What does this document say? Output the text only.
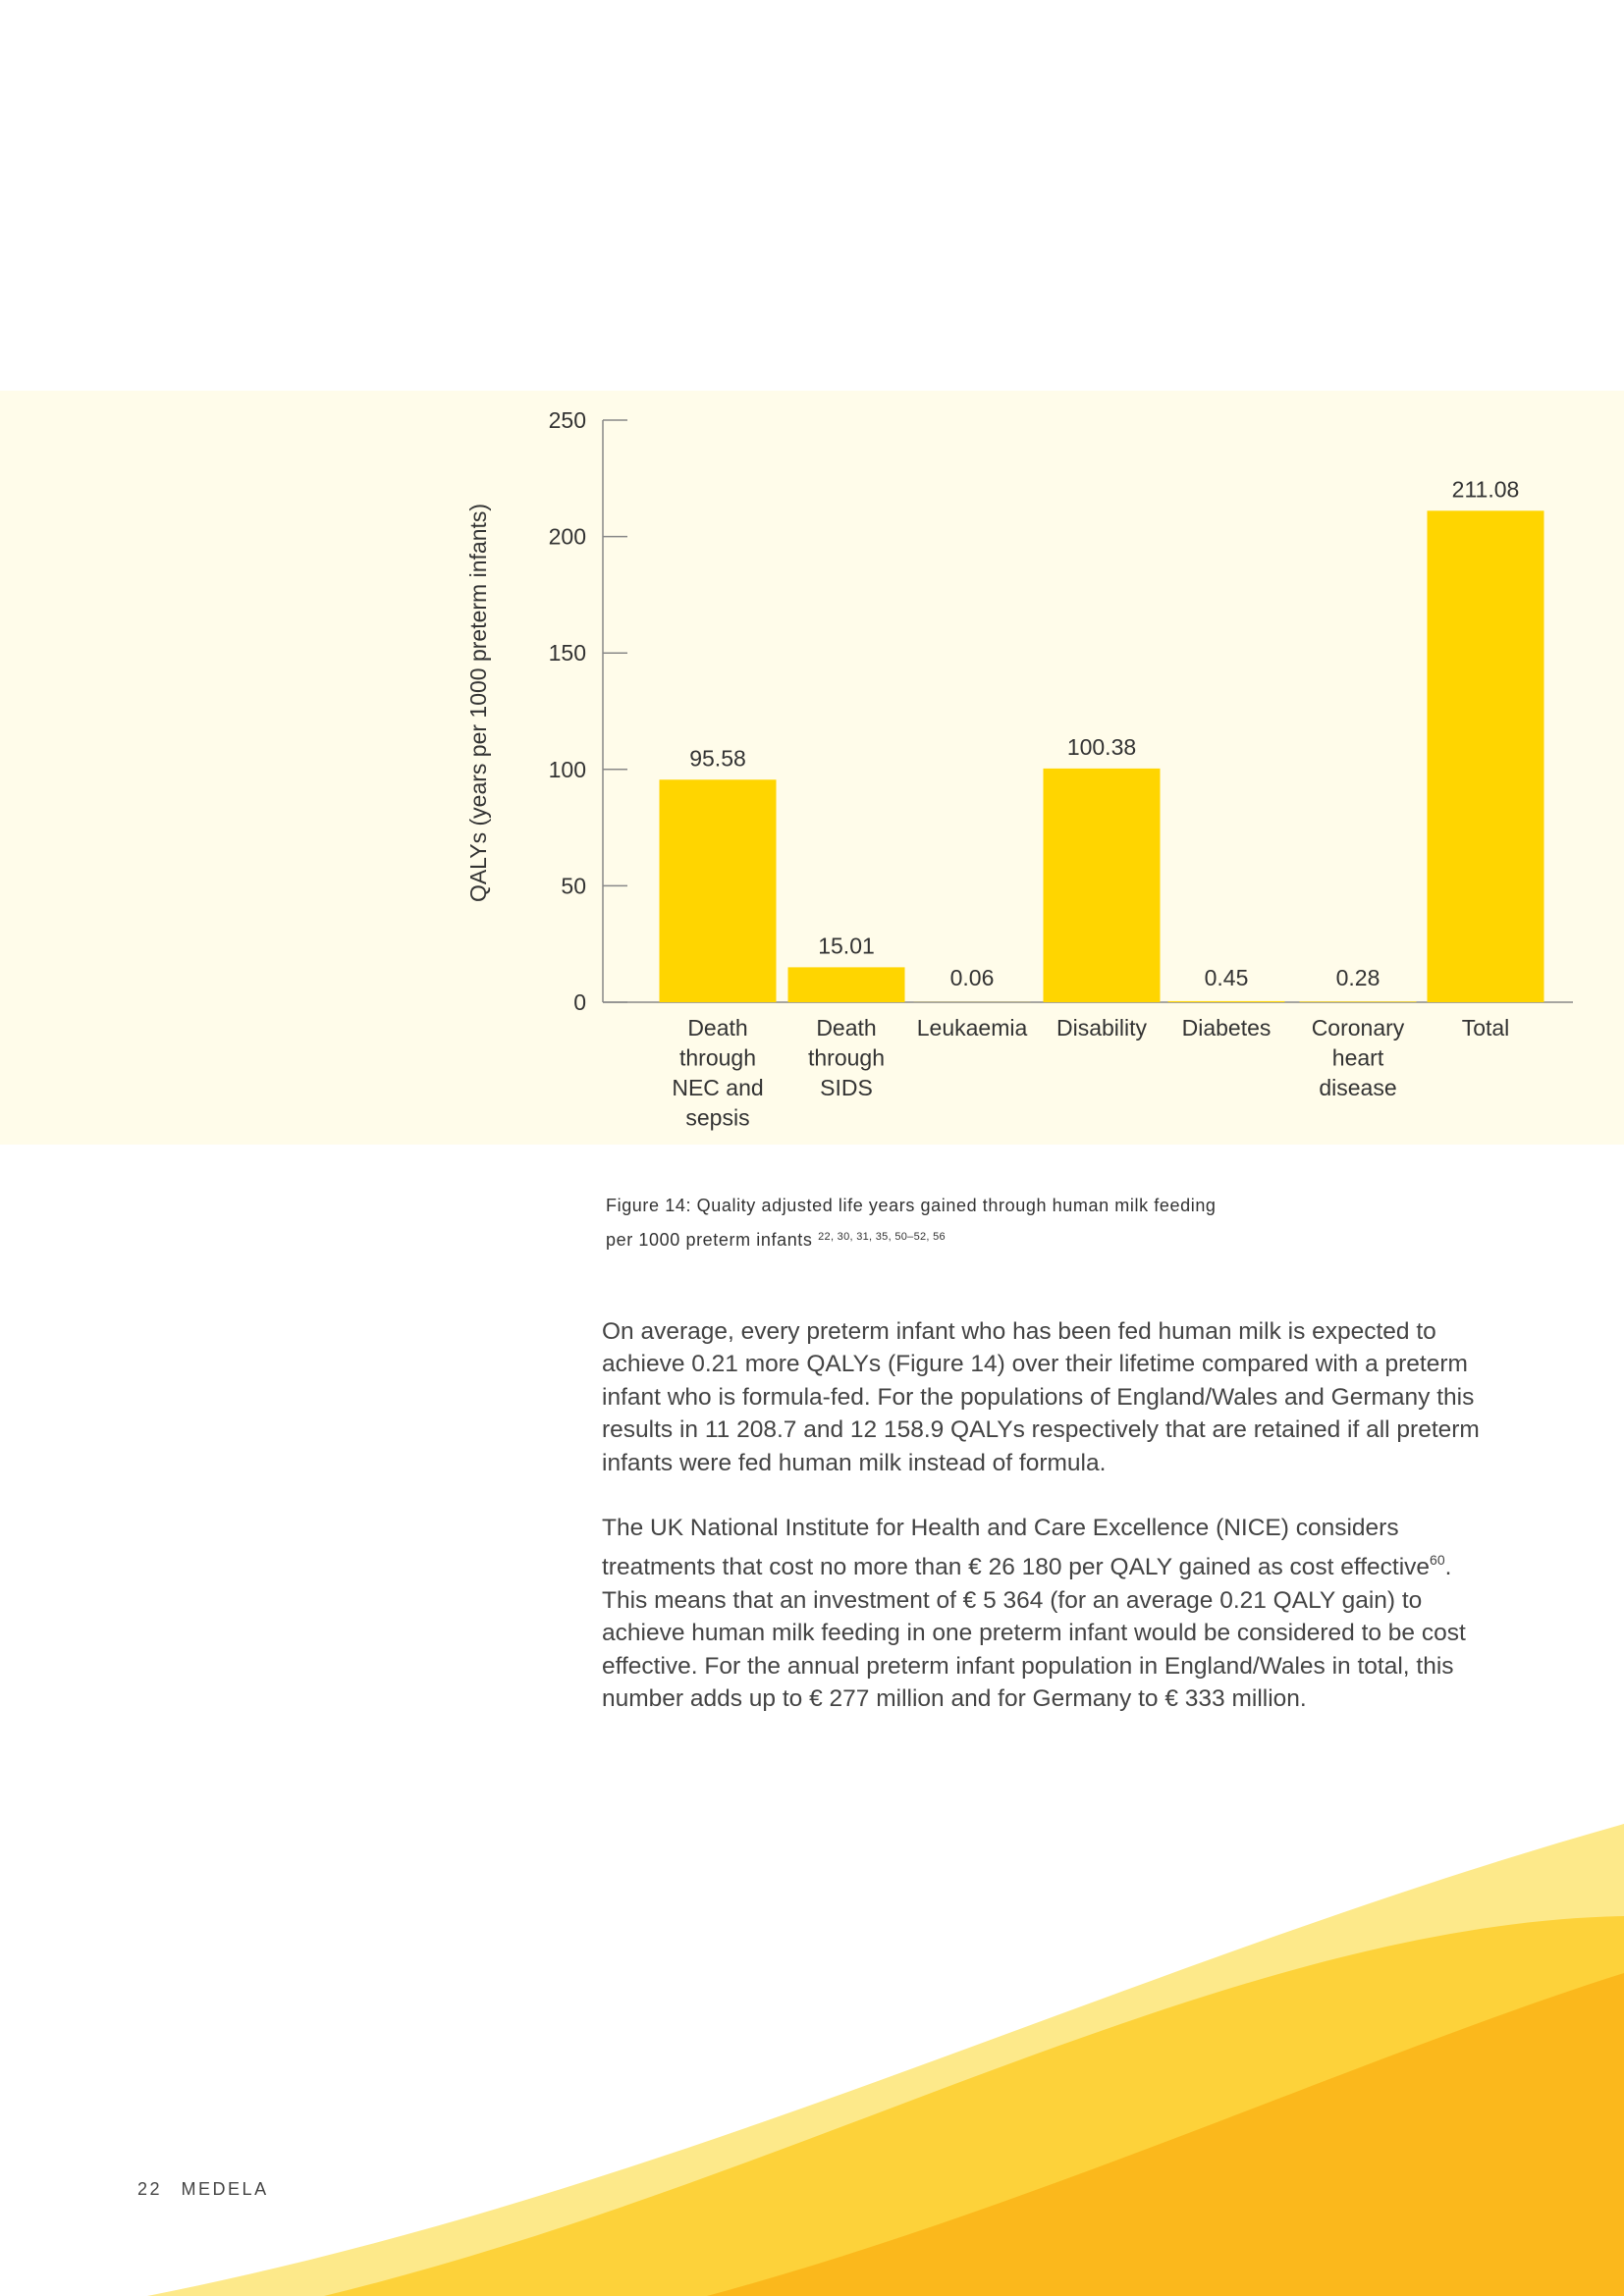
0
50
100
150
200
250
QALYs (years per 1000 preterm infants)	95.58
Death
through
NEC and
sepsis
15.01
Death
through
SIDS
0.06
Leukaemia
100.38
Disability
0.45
Diabetes
0.28
Coronary
heart
disease
211.08
Total
Figure 14: Quality adjusted life years gained through human milk feeding
per 1000 preterm infants $^{22, 30, 31, 35, 50-52, 56}$

On average, every preterm infant who has been fed human milk is expected to achieve 0.21 more QALYs (Figure 14) over their lifetime compared with a preterm infant who is formula-fed. For the populations of England/Wales and Germany this results in 11 208.7 and 12 158.9 QALYs respectively that are retained if all preterm infants were fed human milk instead of formula.

The UK National Institute for Health and Care Excellence (NICE) considers treatments that cost no more than € 26 180 per QALY gained as cost effective$^{60}$. This means that an investment of € 5 364 (for an average 0.21 QALY gain) to achieve human milk feeding in one preterm infant would be considered to be cost effective. For the annual preterm infant population in England/Wales in total, this number adds up to € 277 million and for Germany to € 333 million.

22 MEDELA
